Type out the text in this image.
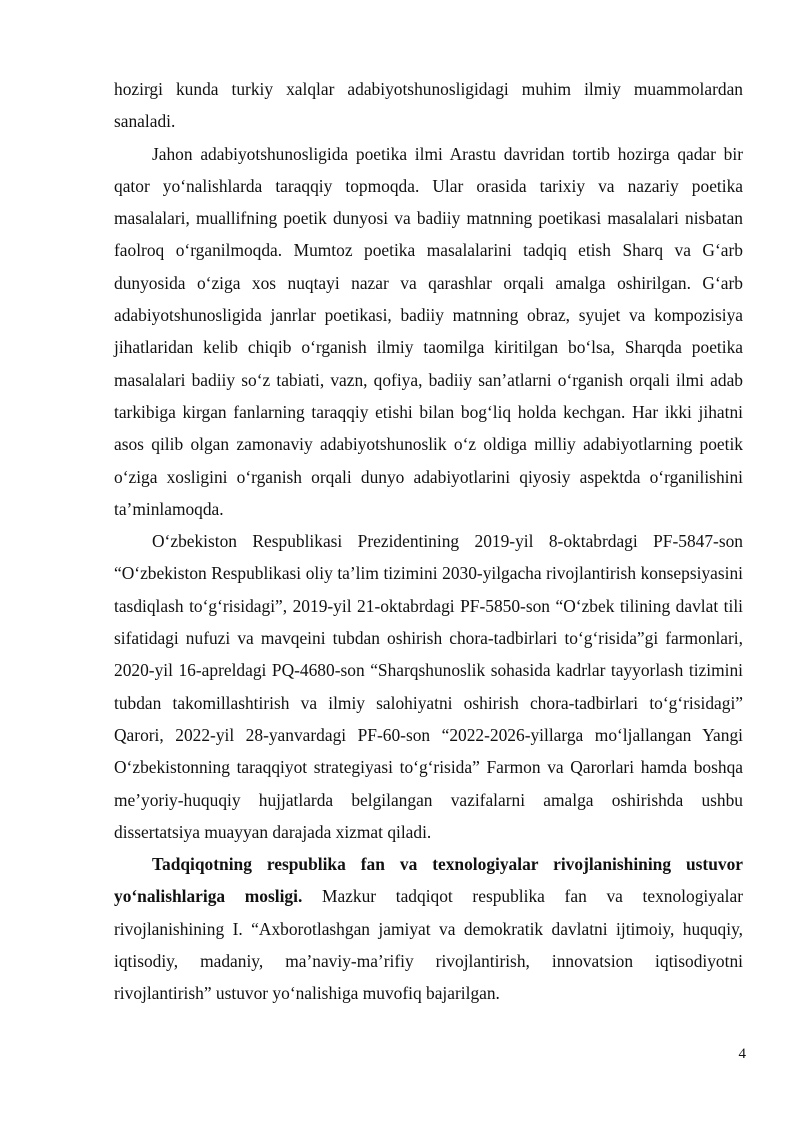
hozirgi kunda turkiy xalqlar adabiyotshunosligidagi muhim ilmiy muammolardan sanaladi.

Jahon adabiyotshunosligida poetika ilmi Arastu davridan tortib hozirga qadar bir qator yoʻnalishlarda taraqqiy topmoqda. Ular orasida tarixiy va nazariy poetika masalalari, muallifning poetik dunyosi va badiiy matnning poetikasi masalalari nisbatan faolroq oʻrganilmoqda. Mumtoz poetika masalalarini tadqiq etish Sharq va Gʻarb dunyosida oʻziga xos nuqtayi nazar va qarashlar orqali amalga oshirilgan. Gʻarb adabiyotshunosligida janrlar poetikasi, badiiy matnning obraz, syujet va kompozisiya jihatlaridan kelib chiqib oʻrganish ilmiy taomilga kiritilgan boʻlsa, Sharqda poetika masalalari badiiy soʻz tabiati, vazn, qofiya, badiiy san’atlarni oʻrganish orqali ilmi adab tarkibiga kirgan fanlarning taraqqiy etishi bilan bogʻliq holda kechgan. Har ikki jihatni asos qilib olgan zamonaviy adabiyotshunoslik oʻz oldiga milliy adabiyotlarning poetik oʻziga xosligini oʻrganish orqali dunyo adabiyotlarini qiyosiy aspektda oʻrganilishini ta’minlamoqda.

Oʻzbekiston Respublikasi Prezidentining 2019-yil 8-oktabrdagi PF-5847-son “Oʻzbekiston Respublikasi oliy ta’lim tizimini 2030-yilgacha rivojlantirish konsepsiyasini tasdiqlash toʻgʻrisidagi”, 2019-yil 21-oktabrdagi PF-5850-son “Oʻzbek tilining davlat tili sifatidagi nufuzi va mavqeini tubdan oshirish chora-tadbirlari toʻgʻrisida”gi farmonlari, 2020-yil 16-apreldagi PQ-4680-son “Sharqshunoslik sohasida kadrlar tayyorlash tizimini tubdan takomillashtirish va ilmiy salohiyatni oshirish chora-tadbirlari toʻgʻrisidagi” Qarori, 2022-yil 28-yanvardagi PF-60-son “2022-2026-yillarga moʻljallangan Yangi Oʻzbekistonning taraqqiyot strategiyasi toʻgʻrisida” Farmon va Qarorlari hamda boshqa me’yoriy-huquqiy hujjatlarda belgilangan vazifalarni amalga oshirishda ushbu dissertatsiya muayyan darajada xizmat qiladi.

Tadqiqotning respublika fan va texnologiyalar rivojlanishining ustuvor yoʻnalishlariga mosligi. Mazkur tadqiqot respublika fan va texnologiyalar rivojlanishining I. “Axborotlashgan jamiyat va demokratik davlatni ijtimoiy, huquqiy, iqtisodiy, madaniy, ma’naviy-ma’rifiy rivojlantirish, innovatsion iqtisodiyotni rivojlantirish” ustuvor yoʻnalishiga muvofiq bajarilgan.

4
